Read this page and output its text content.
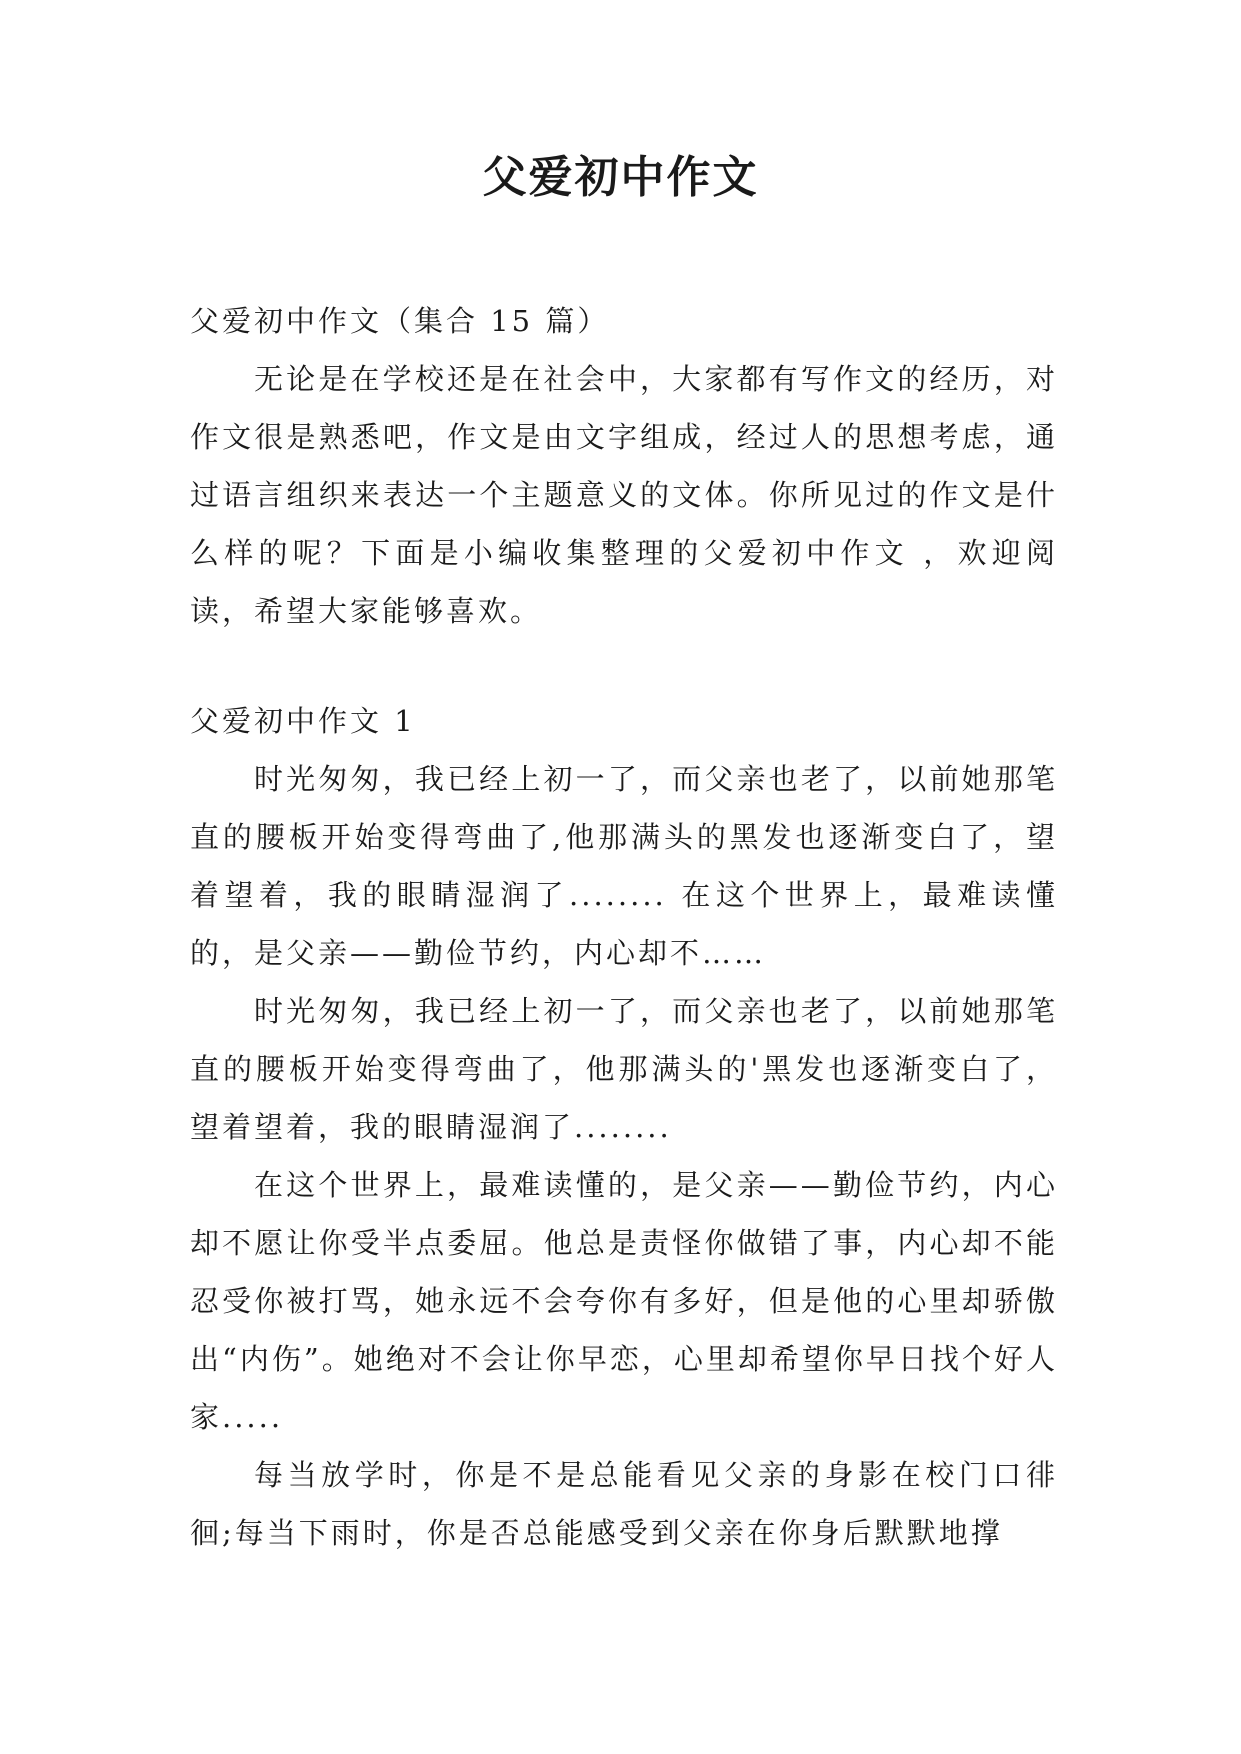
父爱初中作文

父爱初中作文（集合 15 篇）

无论是在学校还是在社会中，大家都有写作文的经历，对作文很是熟悉吧，作文是由文字组成，经过人的思想考虑，通过语言组织来表达一个主题意义的文体。你所见过的作文是什么样的呢？下面是小编收集整理的父爱初中作文 ，欢迎阅读，希望大家能够喜欢。

父爱初中作文 1

时光匆匆，我已经上初一了，而父亲也老了，以前她那笔直的腰板开始变得弯曲了,他那满头的黑发也逐渐变白了，望着望着，我的眼睛湿润了........ 在这个世界上，最难读懂的，是父亲——勤俭节约，内心却不……

时光匆匆，我已经上初一了，而父亲也老了，以前她那笔直的腰板开始变得弯曲了，他那满头的'黑发也逐渐变白了，望着望着，我的眼睛湿润了........

在这个世界上，最难读懂的，是父亲——勤俭节约，内心却不愿让你受半点委屈。他总是责怪你做错了事，内心却不能忍受你被打骂，她永远不会夸你有多好，但是他的心里却骄傲出“内伤”。她绝对不会让你早恋，心里却希望你早日找个好人家.....

每当放学时，你是不是总能看见父亲的身影在校门口徘徊;每当下雨时，你是否总能感受到父亲在你身后默默地撑
